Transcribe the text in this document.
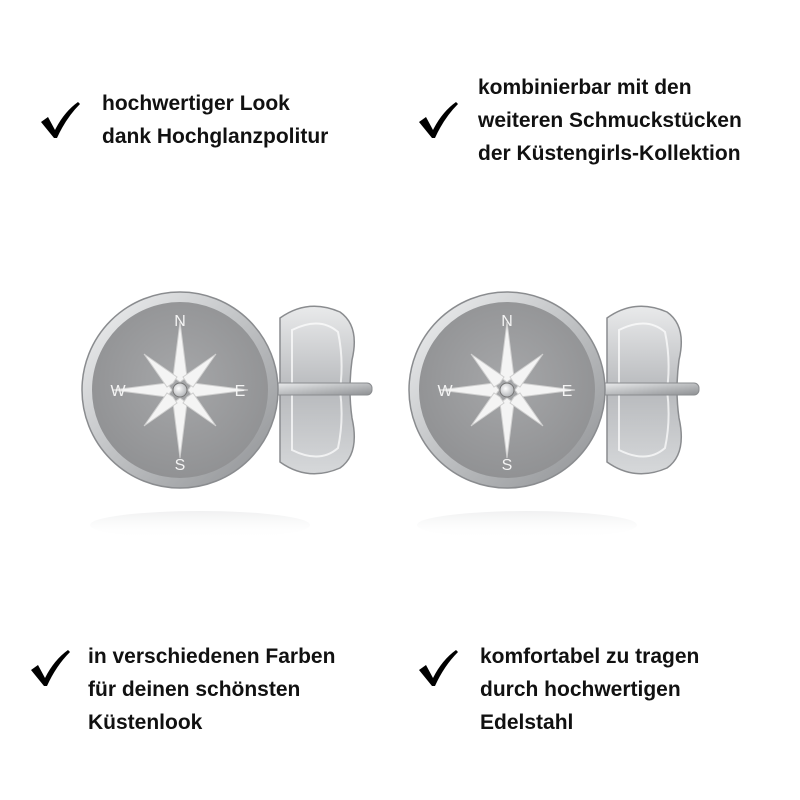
hochwertiger Look
dank Hochglanzpolitur
kombinierbar mit den
weiteren Schmuckstücken
der Küstengirls-Kollektion
in verschiedenen Farben
für deinen schönsten
Küstenlook
komfortabel zu tragen
durch hochwertigen
Edelstahl
N
S
W	E
N
S
W	E
